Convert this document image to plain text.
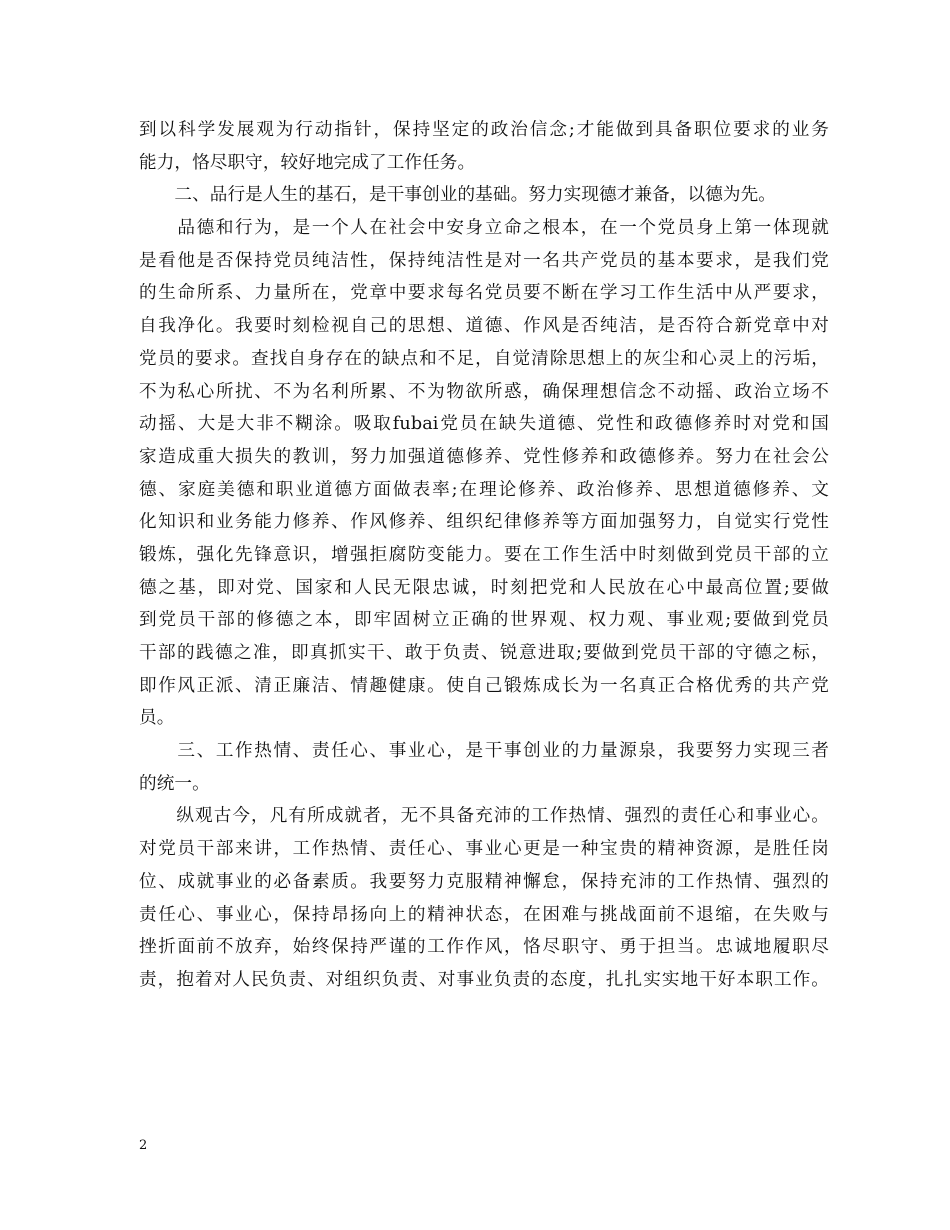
到以科学发展观为行动指针，保持坚定的政治信念;才能做到具备职位要求的业务
能力，恪尽职守，较好地完成了工作任务。
　　二、品行是人生的基石，是干事创业的基础。努力实现德才兼备，以德为先。
　　品德和行为，是一个人在社会中安身立命之根本，在一个党员身上第一体现就
是看他是否保持党员纯洁性，保持纯洁性是对一名共产党员的基本要求，是我们党
的生命所系、力量所在，党章中要求每名党员要不断在学习工作生活中从严要求，
自我净化。我要时刻检视自己的思想、道德、作风是否纯洁，是否符合新党章中对
党员的要求。查找自身存在的缺点和不足，自觉清除思想上的灰尘和心灵上的污垢，
不为私心所扰、不为名利所累、不为物欲所惑，确保理想信念不动摇、政治立场不
动摇、大是大非不糊涂。吸取fubai党员在缺失道德、党性和政德修养时对党和国
家造成重大损失的教训，努力加强道德修养、党性修养和政德修养。努力在社会公
德、家庭美德和职业道德方面做表率;在理论修养、政治修养、思想道德修养、文
化知识和业务能力修养、作风修养、组织纪律修养等方面加强努力，自觉实行党性
锻炼，强化先锋意识，增强拒腐防变能力。要在工作生活中时刻做到党员干部的立
德之基，即对党、国家和人民无限忠诚，时刻把党和人民放在心中最高位置;要做
到党员干部的修德之本，即牢固树立正确的世界观、权力观、事业观;要做到党员
干部的践德之准，即真抓实干、敢于负责、锐意进取;要做到党员干部的守德之标，
即作风正派、清正廉洁、情趣健康。使自己锻炼成长为一名真正合格优秀的共产党
员。
　　三、工作热情、责任心、事业心，是干事创业的力量源泉，我要努力实现三者
的统一。
　　纵观古今，凡有所成就者，无不具备充沛的工作热情、强烈的责任心和事业心。
对党员干部来讲，工作热情、责任心、事业心更是一种宝贵的精神资源，是胜任岗
位、成就事业的必备素质。我要努力克服精神懈怠，保持充沛的工作热情、强烈的
责任心、事业心，保持昂扬向上的精神状态，在困难与挑战面前不退缩，在失败与
挫折面前不放弃，始终保持严谨的工作作风，恪尽职守、勇于担当。忠诚地履职尽
责，抱着对人民负责、对组织负责、对事业负责的态度，扎扎实实地干好本职工作。
2
